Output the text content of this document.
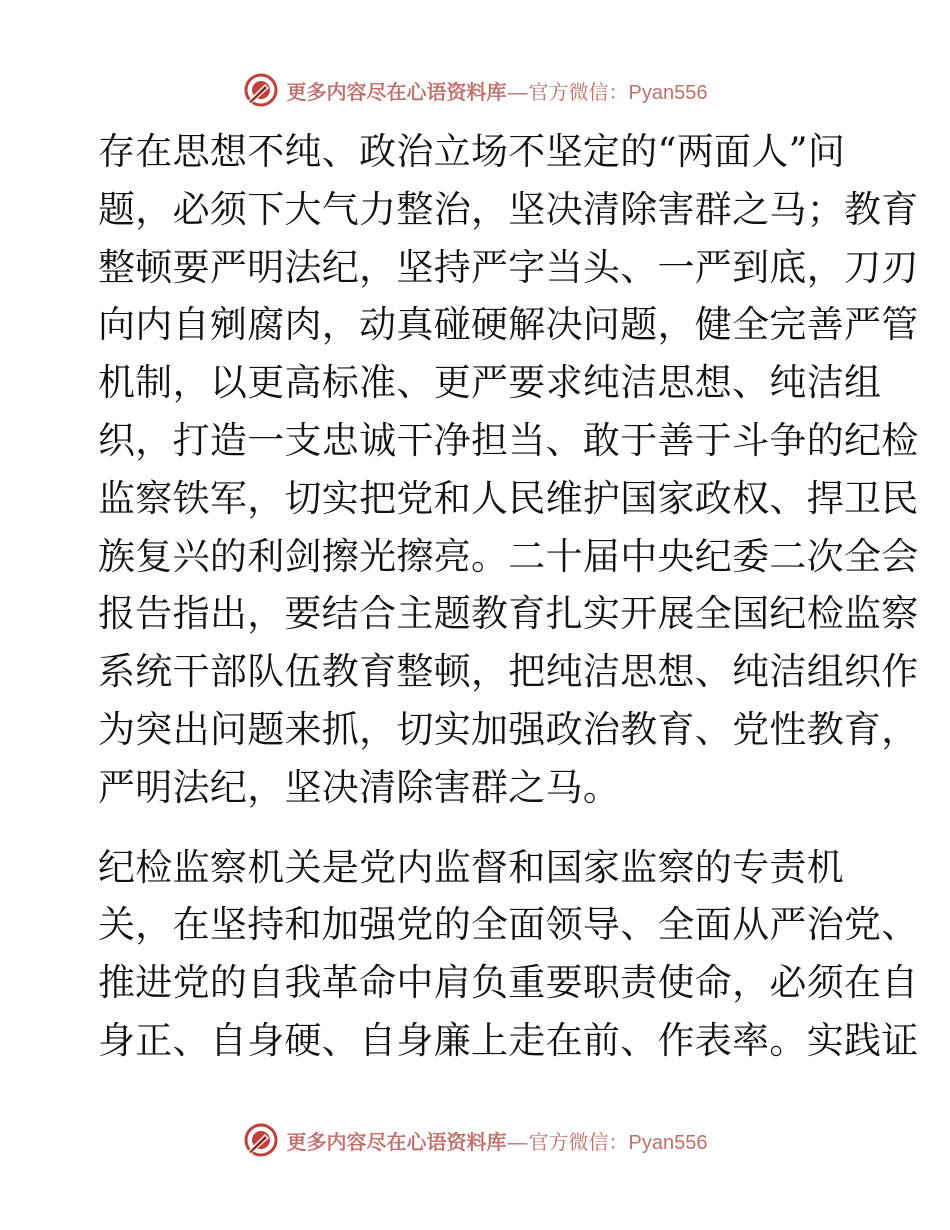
更多内容尽在心语资料库 — 官方微信： Pyan556
存在思想不纯、政治立场不坚定的“两面人”问
题，必须下大气力整治，坚决清除害群之马；教育
整顿要严明法纪，坚持严字当头、一严到底，刀刃
向内自剜腐肉，动真碰硬解决问题，健全完善严管
机制，以更高标准、更严要求纯洁思想、纯洁组
织，打造一支忠诚干净担当、敢于善于斗争的纪检
监察铁军，切实把党和人民维护国家政权、捍卫民
族复兴的利剑擦光擦亮。二十届中央纪委二次全会
报告指出，要结合主题教育扎实开展全国纪检监察
系统干部队伍教育整顿，把纯洁思想、纯洁组织作
为突出问题来抓，切实加强政治教育、党性教育，
严明法纪，坚决清除害群之马。
纪检监察机关是党内监督和国家监察的专责机
关，在坚持和加强党的全面领导、全面从严治党、
推进党的自我革命中肩负重要职责使命，必须在自
身正、自身硬、自身廉上走在前、作表率。实践证
更多内容尽在心语资料库 — 官方微信： Pyan556
